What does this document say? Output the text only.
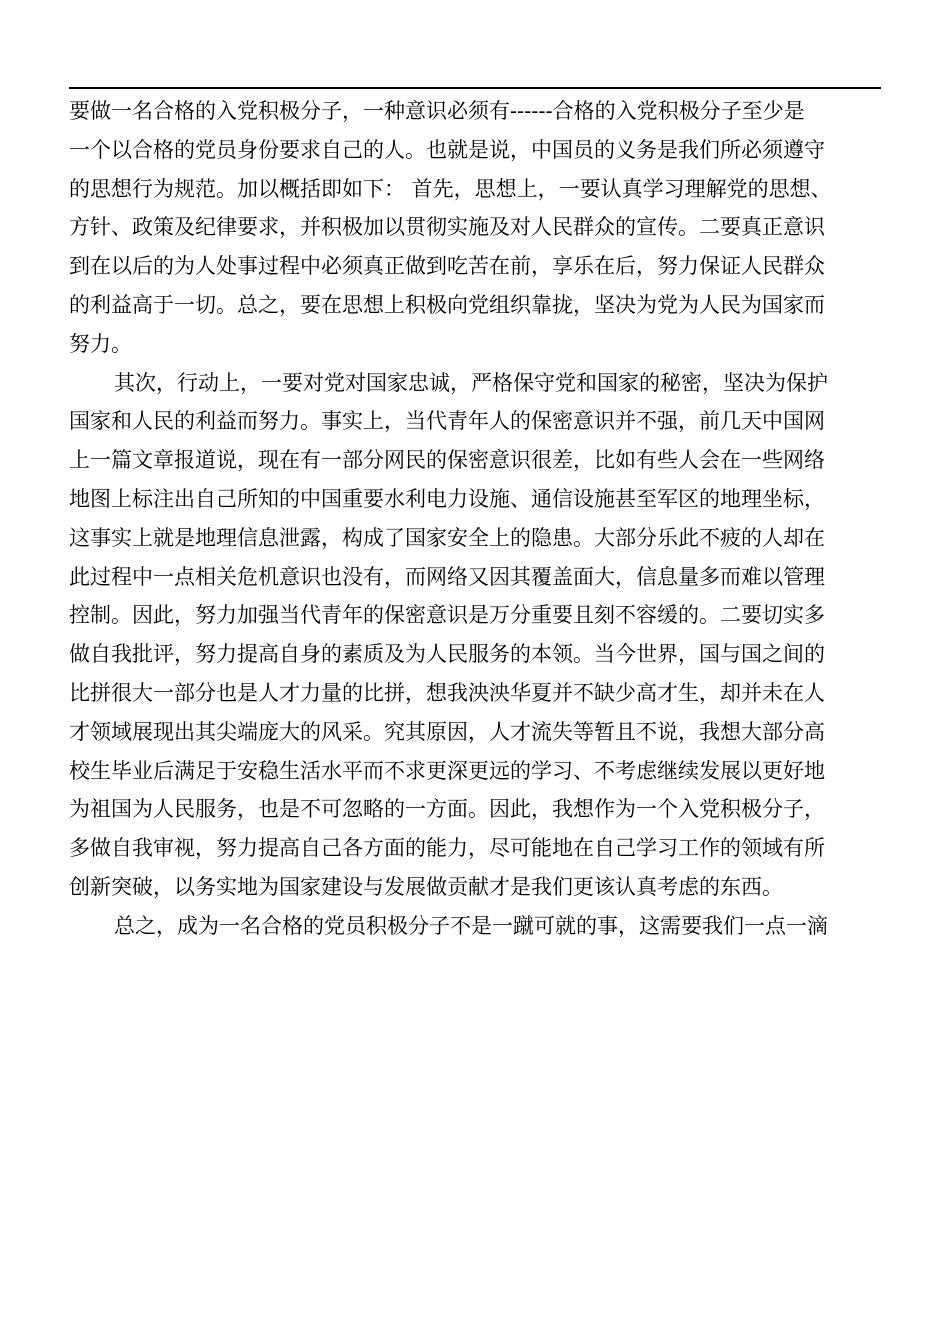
要做一名合格的入党积极分子，一种意识必须有------合格的入党积极分子至少是
一个以合格的党员身份要求自己的人。也就是说，中国员的义务是我们所必须遵守
的思想行为规范。加以概括即如下： 首先，思想上，一要认真学习理解党的思想、
方针、政策及纪律要求，并积极加以贯彻实施及对人民群众的宣传。二要真正意识
到在以后的为人处事过程中必须真正做到吃苦在前，享乐在后，努力保证人民群众
的利益高于一切。总之，要在思想上积极向党组织靠拢，坚决为党为人民为国家而
努力。
其次，行动上，一要对党对国家忠诚，严格保守党和国家的秘密，坚决为保护
国家和人民的利益而努力。事实上，当代青年人的保密意识并不强，前几天中国网
上一篇文章报道说，现在有一部分网民的保密意识很差，比如有些人会在一些网络
地图上标注出自己所知的中国重要水利电力设施、通信设施甚至军区的地理坐标，
这事实上就是地理信息泄露，构成了国家安全上的隐患。大部分乐此不疲的人却在
此过程中一点相关危机意识也没有，而网络又因其覆盖面大，信息量多而难以管理
控制。因此，努力加强当代青年的保密意识是万分重要且刻不容缓的。二要切实多
做自我批评，努力提高自身的素质及为人民服务的本领。当今世界，国与国之间的
比拼很大一部分也是人才力量的比拼，想我泱泱华夏并不缺少高才生，却并未在人
才领域展现出其尖端庞大的风采。究其原因，人才流失等暂且不说，我想大部分高
校生毕业后满足于安稳生活水平而不求更深更远的学习、不考虑继续发展以更好地
为祖国为人民服务，也是不可忽略的一方面。因此，我想作为一个入党积极分子，
多做自我审视，努力提高自己各方面的能力，尽可能地在自己学习工作的领域有所
创新突破，以务实地为国家建设与发展做贡献才是我们更该认真考虑的东西。
总之，成为一名合格的党员积极分子不是一蹴可就的事，这需要我们一点一滴
